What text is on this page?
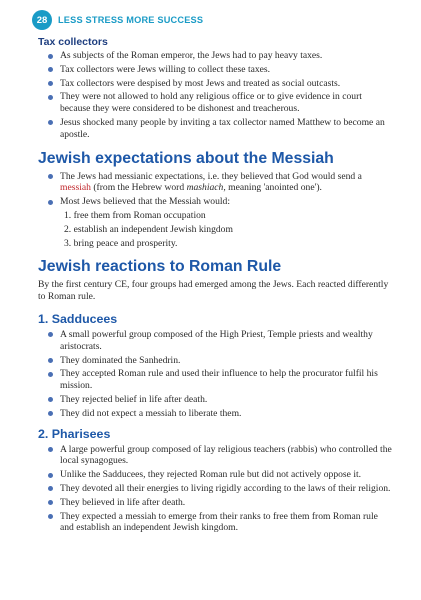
28	LESS STRESS MORE SUCCESS
Tax collectors
As subjects of the Roman emperor, the Jews had to pay heavy taxes.
Tax collectors were Jews willing to collect these taxes.
Tax collectors were despised by most Jews and treated as social outcasts.
They were not allowed to hold any religious office or to give evidence in court because they were considered to be dishonest and treacherous.
Jesus shocked many people by inviting a tax collector named Matthew to become an apostle.
Jewish expectations about the Messiah
The Jews had messianic expectations, i.e. they believed that God would send a messiah (from the Hebrew word mashiach, meaning 'anointed one').
Most Jews believed that the Messiah would:
1. free them from Roman occupation
2. establish an independent Jewish kingdom
3. bring peace and prosperity.
Jewish reactions to Roman Rule

By the first century CE, four groups had emerged among the Jews. Each reacted differently to Roman rule.

1. Sadducees
A small powerful group composed of the High Priest, Temple priests and wealthy aristocrats.
They dominated the Sanhedrin.
They accepted Roman rule and used their influence to help the procurator fulfil his mission.
They rejected belief in life after death.
They did not expect a messiah to liberate them.
2. Pharisees
A large powerful group composed of lay religious teachers (rabbis) who controlled the local synagogues.
Unlike the Sadducees, they rejected Roman rule but did not actively oppose it.
They devoted all their energies to living rigidly according to the laws of their religion.
They believed in life after death.
They expected a messiah to emerge from their ranks to free them from Roman rule and establish an independent Jewish kingdom.
